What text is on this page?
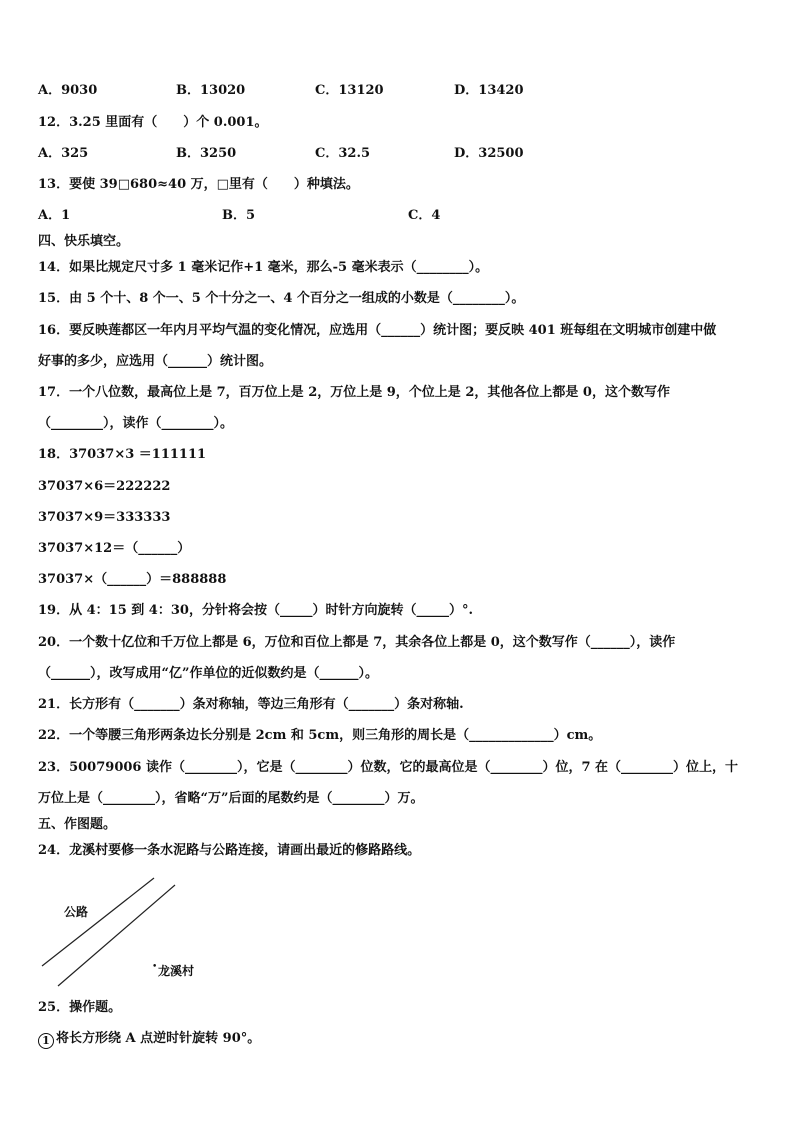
A．9030	B．13020	C．13120	D．13420
12．3.25 里面有（　　）个 0.001。
A．325	B．3250	C．32.5	D．32500
13．要使 39□680≈40 万，□里有（　　）种填法。
A．1	B．5	C．4
四、快乐填空。
14．如果比规定尺寸多 1 毫米记作+1 毫米，那么-5 毫米表示（________）。
15．由 5 个十、8 个一、5 个十分之一、4 个百分之一组成的小数是（________）。
16．要反映莲都区一年内月平均气温的变化情况，应选用（______）统计图；要反映 401 班每组在文明城市创建中做
好事的多少，应选用（______）统计图。
17．一个八位数，最高位上是 7，百万位上是 2，万位上是 9，个位上是 2，其他各位上都是 0，这个数写作
（________），读作（________）。
18．37037×3 ＝111111
37037×6＝222222
37037×9＝333333
37037×12＝（______）
37037×（______）＝888888
19．从 4：15 到 4：30，分针将会按（_____）时针方向旋转（_____）°.
20．一个数十亿位和千万位上都是 6，万位和百位上都是 7，其余各位上都是 0，这个数写作（______），读作
（______），改写成用“亿”作单位的近似数约是（______）。
21．长方形有（_______）条对称轴，等边三角形有（_______）条对称轴.
22．一个等腰三角形两条边长分别是 2cm 和 5cm，则三角形的周长是（_____________）cm。
23．50079006 读作（________），它是（________）位数，它的最高位是（________）位，7 在（________）位上，十
万位上是（________），省略“万”后面的尾数约是（________）万。
五、作图题。
24．龙溪村要修一条水泥路与公路连接，请画出最近的修路路线。
公路
• 龙溪村
25．操作题。
1 将长方形绕 A 点逆时针旋转 90°。
